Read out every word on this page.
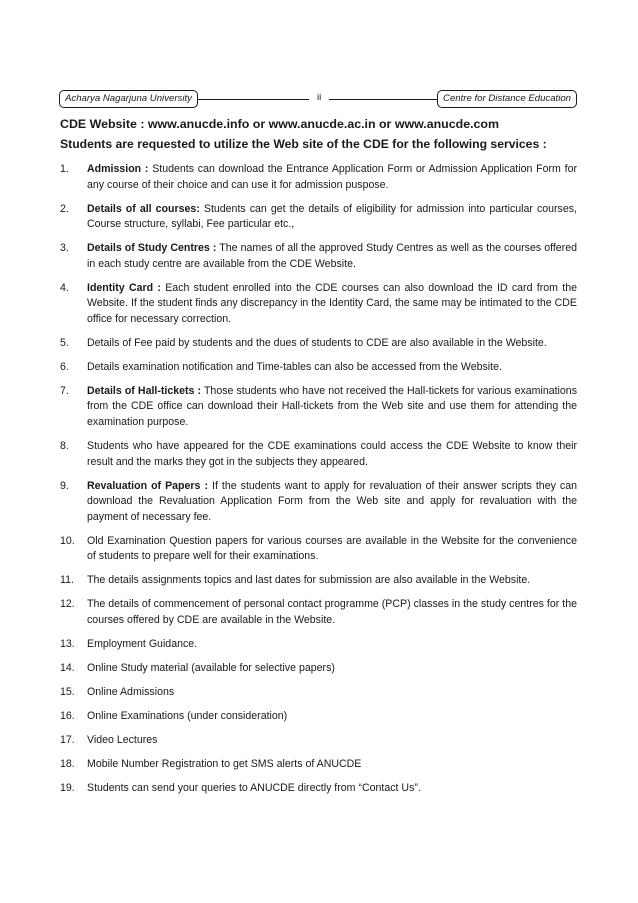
Acharya Nagarjuna University	ii	Centre for Distance Education

CDE Website : www.anucde.info or www.anucde.ac.in or www.anucde.com

Students are requested to utilize the Web site of the CDE for the following services :

1.	Admission : Students can download the Entrance Application Form or Admission Application Form for any course of their choice and can use it for admission puspose.
2.	Details of all courses: Students can get the details of eligibility for admission into particular courses, Course structure, syllabi, Fee particular etc.,
3.	Details of Study Centres : The names of all the approved Study Centres as well as the courses offered in each study centre are available from the CDE Website.
4.	Identity Card : Each student enrolled into the CDE courses can also download the ID card from the Website. If the student finds any discrepancy in the Identity Card, the same may be intimated to the CDE office for necessary correction.
5.	Details of Fee paid by students and the dues of students to CDE are also available in the Website.
6.	Details examination notification and Time-tables can also be accessed from the Website.
7.	Details of Hall-tickets : Those students who have not received the Hall-tickets for various examinations from the CDE office can download their Hall-tickets from the Web site and use them for attending the examination purpose.
8.	Students who have appeared for the CDE examinations could access the CDE Website to know their result and the marks they got in the subjects they appeared.
9.	Revaluation of Papers : If the students want to apply for revaluation of their answer scripts they can download the Revaluation Application Form from the Web site and apply for revaluation with the payment of necessary fee.
10.	Old Examination Question papers for various courses are available in the Website for the convenience of students to prepare well for their examinations.
11.	The details assignments topics and last dates for submission are also available in the Website.
12.	The details of commencement of personal contact programme (PCP) classes in the study centres for the courses offered by CDE are available in the Website.
13.	Employment Guidance.
14.	Online Study material (available for selective papers)
15.	Online Admissions
16.	Online Examinations (under consideration)
17.	Video Lectures
18.	Mobile Number Registration to get SMS alerts of ANUCDE
19.	Students can send your queries to ANUCDE directly from “Contact Us”.
